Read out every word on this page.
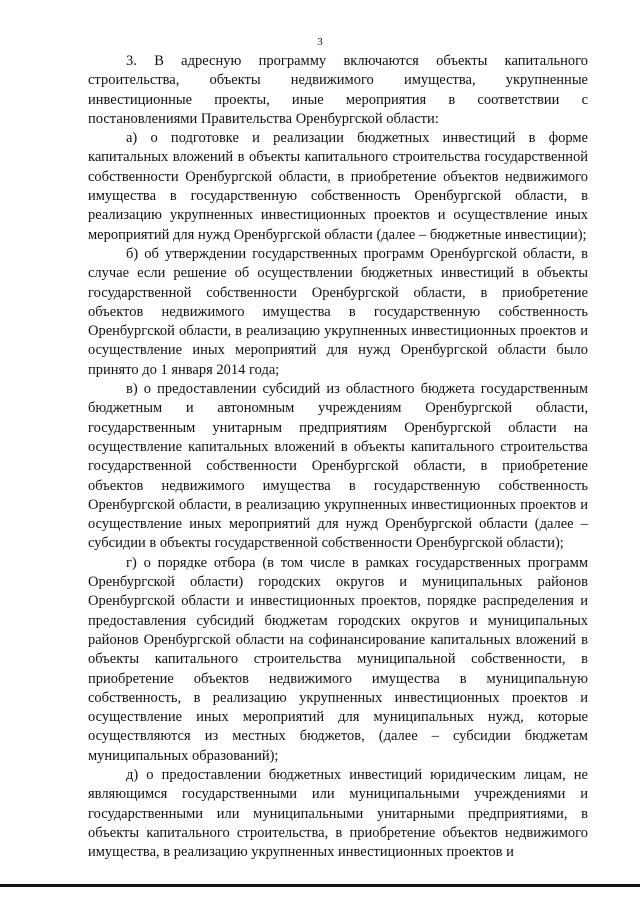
3

3. В адресную программу включаются объекты капитального строительства, объекты недвижимого имущества, укрупненные инвестиционные проекты, иные мероприятия в соответствии с постановлениями Правительства Оренбургской области:

а) о подготовке и реализации бюджетных инвестиций в форме капитальных вложений в объекты капитального строительства государственной собственности Оренбургской области, в приобретение объектов недвижимого имущества в государственную собственность Оренбургской области, в реализацию укрупненных инвестиционных проектов и осуществление иных мероприятий для нужд Оренбургской области (далее – бюджетные инвестиции);

б) об утверждении государственных программ Оренбургской области, в случае если решение об осуществлении бюджетных инвестиций в объекты государственной собственности Оренбургской области, в приобретение объектов недвижимого имущества в государственную собственность Оренбургской области, в реализацию укрупненных инвестиционных проектов и осуществление иных мероприятий для нужд Оренбургской области было принято до 1 января 2014 года;

в) о предоставлении субсидий из областного бюджета государственным бюджетным и автономным учреждениям Оренбургской области, государственным унитарным предприятиям Оренбургской области на осуществление капитальных вложений в объекты капитального строительства государственной собственности Оренбургской области, в приобретение объектов недвижимого имущества в государственную собственность Оренбургской области, в реализацию укрупненных инвестиционных проектов и осуществление иных мероприятий для нужд Оренбургской области (далее – субсидии в объекты государственной собственности Оренбургской области);

г) о порядке отбора (в том числе в рамках государственных программ Оренбургской области) городских округов и муниципальных районов Оренбургской области и инвестиционных проектов, порядке распределения и предоставления субсидий бюджетам городских округов и муниципальных районов Оренбургской области на софинансирование капитальных вложений в объекты капитального строительства муниципальной собственности, в приобретение объектов недвижимого имущества в муниципальную собственность, в реализацию укрупненных инвестиционных проектов и осуществление иных мероприятий для муниципальных нужд, которые осуществляются из местных бюджетов, (далее – субсидии бюджетам муниципальных образований);

д) о предоставлении бюджетных инвестиций юридическим лицам, не являющимся государственными или муниципальными учреждениями и государственными или муниципальными унитарными предприятиями, в объекты капитального строительства, в приобретение объектов недвижимого имущества, в реализацию укрупненных инвестиционных проектов и
